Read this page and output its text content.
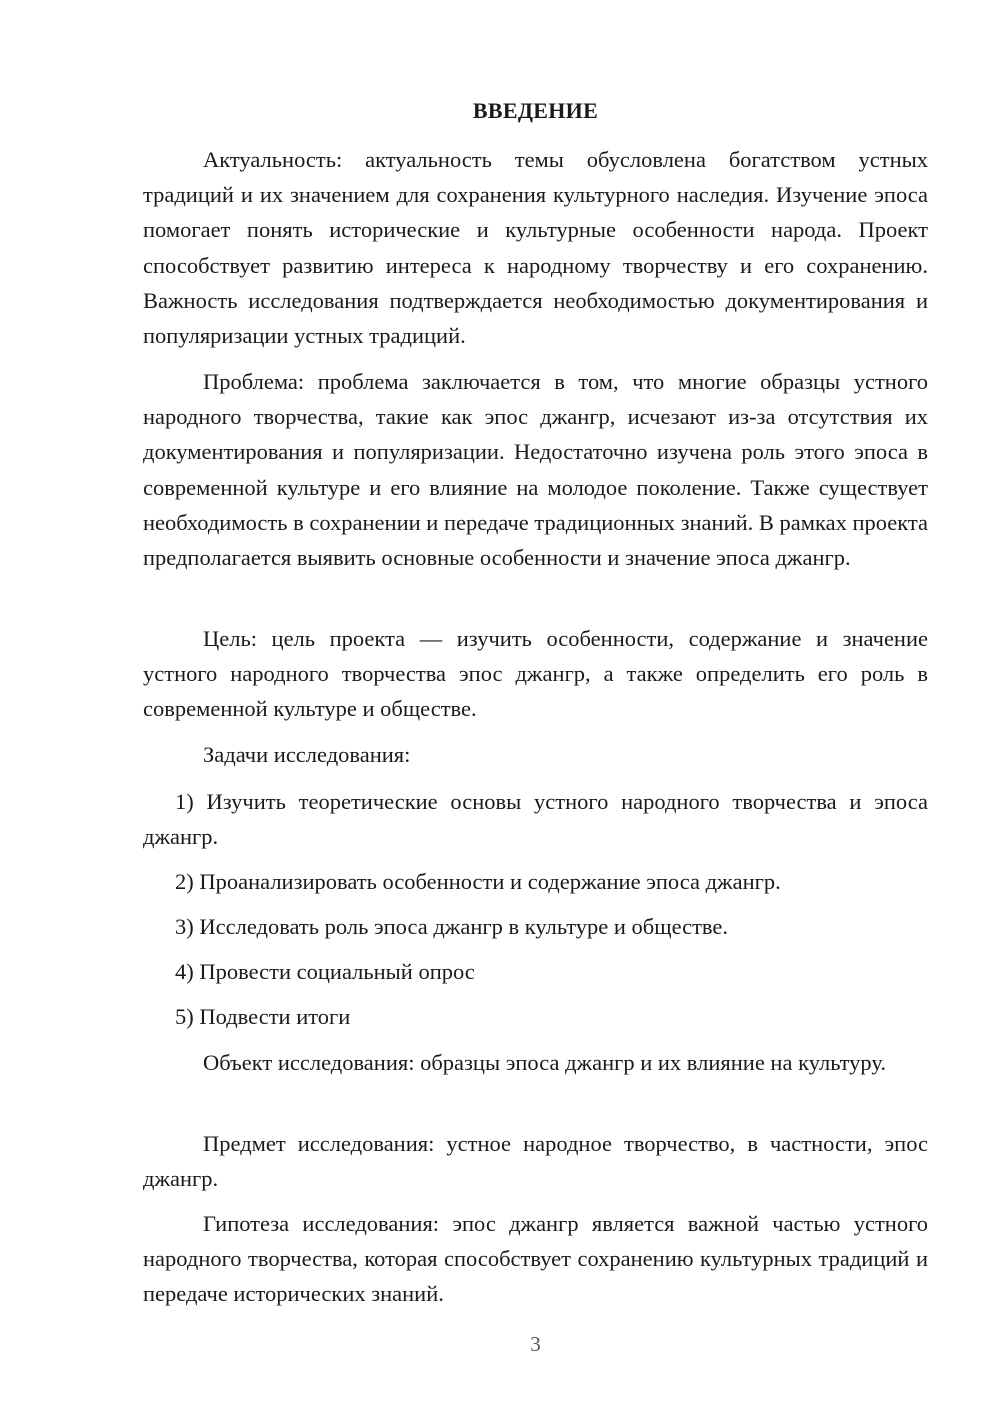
ВВЕДЕНИЕ

Актуальность: актуальность темы обусловлена богатством устных традиций и их значением для сохранения культурного наследия. Изучение эпоса помогает понять исторические и культурные особенности народа. Проект способствует развитию интереса к народному творчеству и его сохранению. Важность исследования подтверждается необходимостью документирования и популяризации устных традиций.

Проблема: проблема заключается в том, что многие образцы устного народного творчества, такие как эпос джангр, исчезают из-за отсутствия их документирования и популяризации. Недостаточно изучена роль этого эпоса в современной культуре и его влияние на молодое поколение. Также существует необходимость в сохранении и передаче традиционных знаний. В рамках проекта предполагается выявить основные особенности и значение эпоса джангр.

Цель: цель проекта — изучить особенности, содержание и значение устного народного творчества эпос джангр, а также определить его роль в современной культуре и обществе.

Задачи исследования:

1) Изучить теоретические основы устного народного творчества и эпоса джангр.

2) Проанализировать особенности и содержание эпоса джангр.

3) Исследовать роль эпоса джангр в культуре и обществе.

4) Провести социальный опрос

5) Подвести итоги

Объект исследования: образцы эпоса джангр и их влияние на культуру.

Предмет исследования: устное народное творчество, в частности, эпос джангр.

Гипотеза исследования: эпос джангр является важной частью устного народного творчества, которая способствует сохранению культурных традиций и передаче исторических знаний.

3
